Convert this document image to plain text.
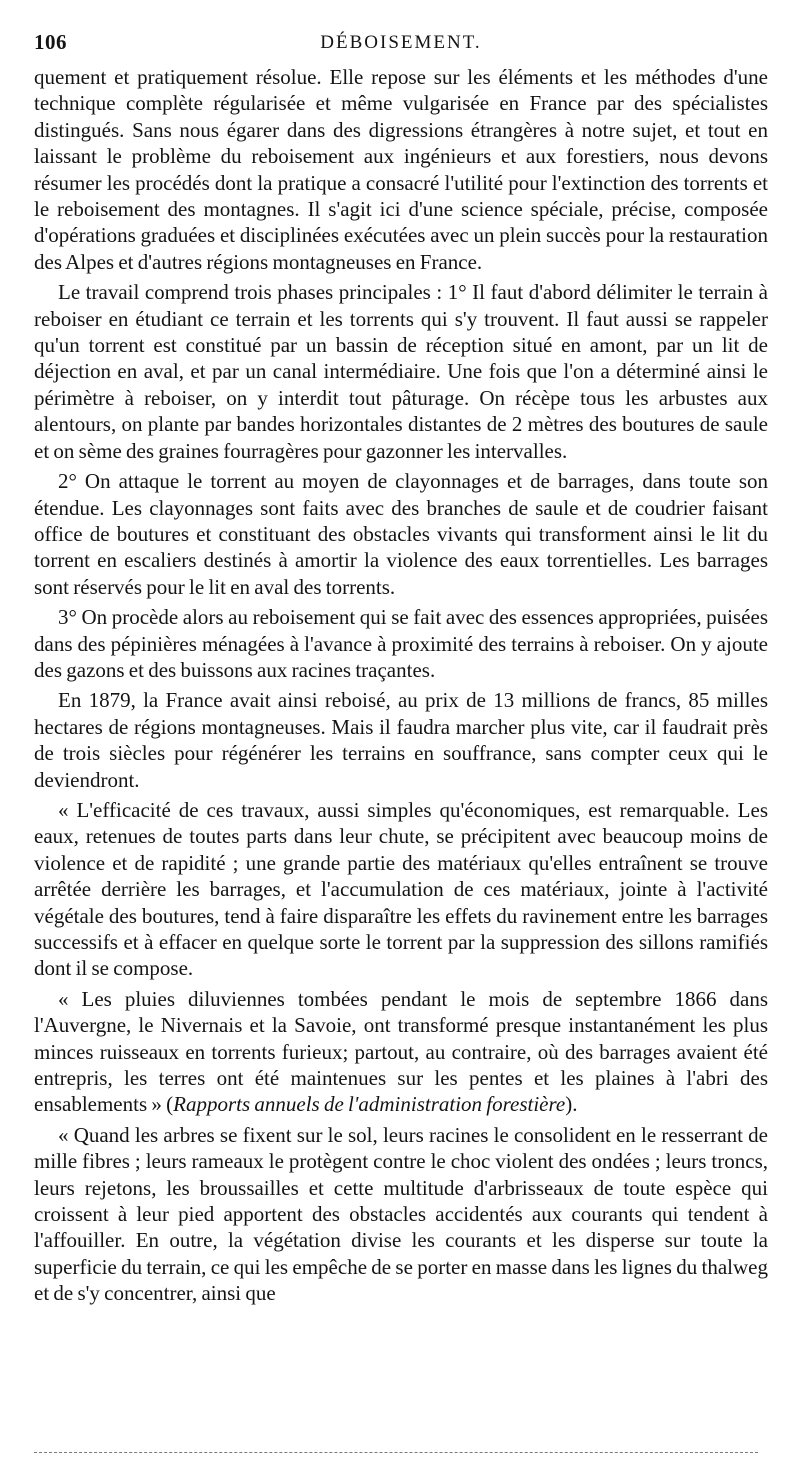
106	DÉBOISEMENT.

quement et pratiquement résolue. Elle repose sur les éléments et les méthodes d'une technique complète régularisée et même vulgarisée en France par des spécialistes distingués. Sans nous égarer dans des digressions étrangères à notre sujet, et tout en laissant le problème du reboisement aux ingénieurs et aux forestiers, nous devons résumer les procédés dont la pratique a consacré l'utilité pour l'extinction des torrents et le reboisement des montagnes. Il s'agit ici d'une science spéciale, précise, composée d'opérations graduées et disciplinées exécutées avec un plein succès pour la restauration des Alpes et d'autres régions montagneuses en France.

Le travail comprend trois phases principales : 1° Il faut d'abord délimiter le terrain à reboiser en étudiant ce terrain et les torrents qui s'y trouvent. Il faut aussi se rappeler qu'un torrent est constitué par un bassin de réception situé en amont, par un lit de déjection en aval, et par un canal intermédiaire. Une fois que l'on a déterminé ainsi le périmètre à reboiser, on y interdit tout pâturage. On récèpe tous les arbustes aux alentours, on plante par bandes horizontales distantes de 2 mètres des boutures de saule et on sème des graines fourragères pour gazonner les intervalles.

2° On attaque le torrent au moyen de clayonnages et de barrages, dans toute son étendue. Les clayonnages sont faits avec des branches de saule et de coudrier faisant office de boutures et constituant des obstacles vivants qui transforment ainsi le lit du torrent en escaliers destinés à amortir la violence des eaux torrentielles. Les barrages sont réservés pour le lit en aval des torrents.

3° On procède alors au reboisement qui se fait avec des essences appropriées, puisées dans des pépinières ménagées à l'avance à proximité des terrains à reboiser. On y ajoute des gazons et des buissons aux racines traçantes.

En 1879, la France avait ainsi reboisé, au prix de 13 millions de francs, 85 milles hectares de régions montagneuses. Mais il faudra marcher plus vite, car il faudrait près de trois siècles pour régénérer les terrains en souffrance, sans compter ceux qui le deviendront.

« L'efficacité de ces travaux, aussi simples qu'économiques, est remarquable. Les eaux, retenues de toutes parts dans leur chute, se précipitent avec beaucoup moins de violence et de rapidité ; une grande partie des matériaux qu'elles entraînent se trouve arrêtée derrière les barrages, et l'accumulation de ces matériaux, jointe à l'activité végétale des boutures, tend à faire disparaître les effets du ravinement entre les barrages successifs et à effacer en quelque sorte le torrent par la suppression des sillons ramifiés dont il se compose.

« Les pluies diluviennes tombées pendant le mois de septembre 1866 dans l'Auvergne, le Nivernais et la Savoie, ont transformé presque instantanément les plus minces ruisseaux en torrents furieux; partout, au contraire, où des barrages avaient été entrepris, les terres ont été maintenues sur les pentes et les plaines à l'abri des ensablements » (Rapports annuels de l'administration forestière).

« Quand les arbres se fixent sur le sol, leurs racines le consolident en le resserrant de mille fibres ; leurs rameaux le protègent contre le choc violent des ondées ; leurs troncs, leurs rejetons, les broussailles et cette multitude d'arbrisseaux de toute espèce qui croissent à leur pied apportent des obstacles accidentés aux courants qui tendent à l'affouiller. En outre, la végétation divise les courants et les disperse sur toute la superficie du terrain, ce qui les empêche de se porter en masse dans les lignes du thalweg et de s'y concentrer, ainsi que
